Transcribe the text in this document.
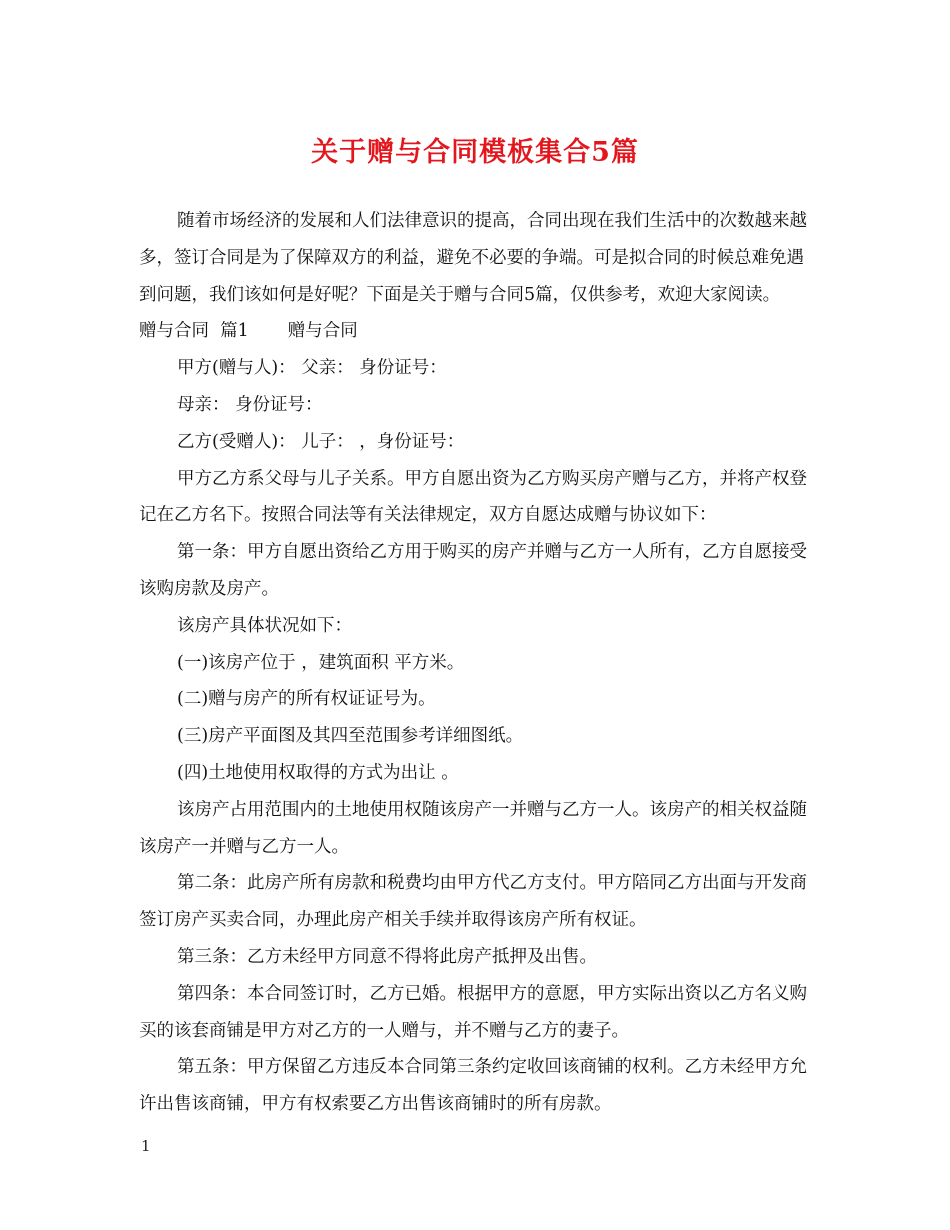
关于赠与合同模板集合5篇

随着市场经济的发展和人们法律意识的提高，合同出现在我们生活中的次数越来越多，签订合同是为了保障双方的利益，避免不必要的争端。可是拟合同的时候总难免遇到问题，我们该如何是好呢？下面是关于赠与合同5篇，仅供参考，欢迎大家阅读。

赠与合同  篇1       赠与合同

甲方(赠与人)： 父亲： 身份证号：

母亲： 身份证号：

乙方(受赠人)： 儿子： ，身份证号：

甲方乙方系父母与儿子关系。甲方自愿出资为乙方购买房产赠与乙方，并将产权登记在乙方名下。按照合同法等有关法律规定，双方自愿达成赠与协议如下：

第一条：甲方自愿出资给乙方用于购买的房产并赠与乙方一人所有，乙方自愿接受该购房款及房产。

该房产具体状况如下：

(一)该房产位于 ，建筑面积 平方米。

(二)赠与房产的所有权证证号为。

(三)房产平面图及其四至范围参考详细图纸。

(四)土地使用权取得的方式为出让 。

该房产占用范围内的土地使用权随该房产一并赠与乙方一人。该房产的相关权益随该房产一并赠与乙方一人。

第二条：此房产所有房款和税费均由甲方代乙方支付。甲方陪同乙方出面与开发商签订房产买卖合同，办理此房产相关手续并取得该房产所有权证。

第三条：乙方未经甲方同意不得将此房产抵押及出售。

第四条：本合同签订时，乙方已婚。根据甲方的意愿，甲方实际出资以乙方名义购买的该套商铺是甲方对乙方的一人赠与，并不赠与乙方的妻子。

第五条：甲方保留乙方违反本合同第三条约定收回该商铺的权利。乙方未经甲方允许出售该商铺，甲方有权索要乙方出售该商铺时的所有房款。

1
